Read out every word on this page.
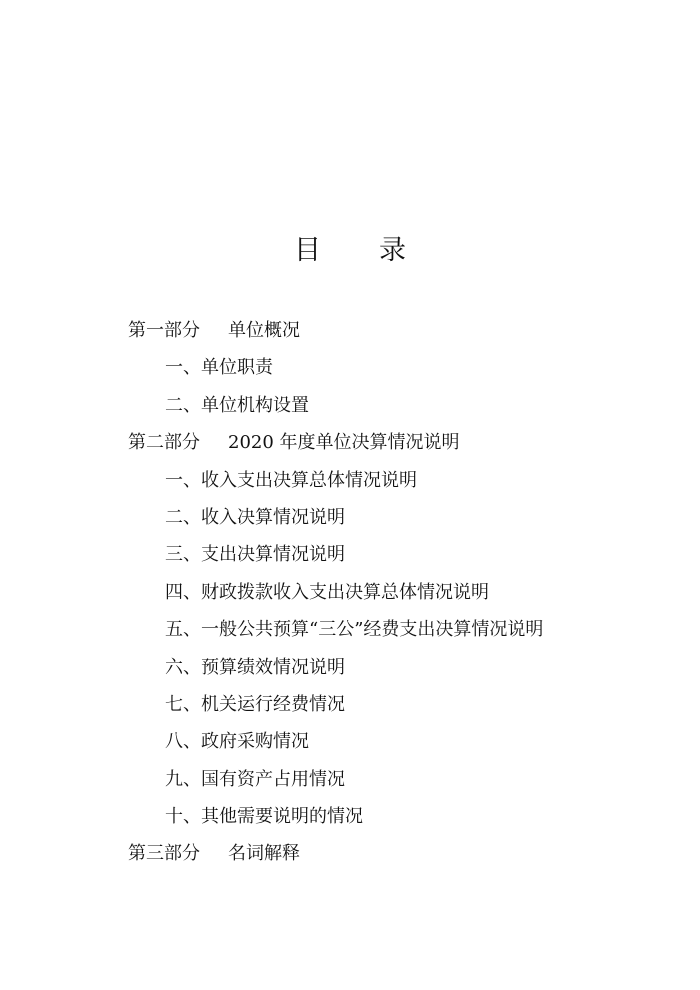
目 录
第一部分 单位概况
一、单位职责
二、单位机构设置
第二部分 2020 年度单位决算情况说明
一、收入支出决算总体情况说明
二、收入决算情况说明
三、支出决算情况说明
四、财政拨款收入支出决算总体情况说明
五、一般公共预算“三公”经费支出决算情况说明
六、预算绩效情况说明
七、机关运行经费情况
八、政府采购情况
九、国有资产占用情况
十、其他需要说明的情况
第三部分 名词解释
